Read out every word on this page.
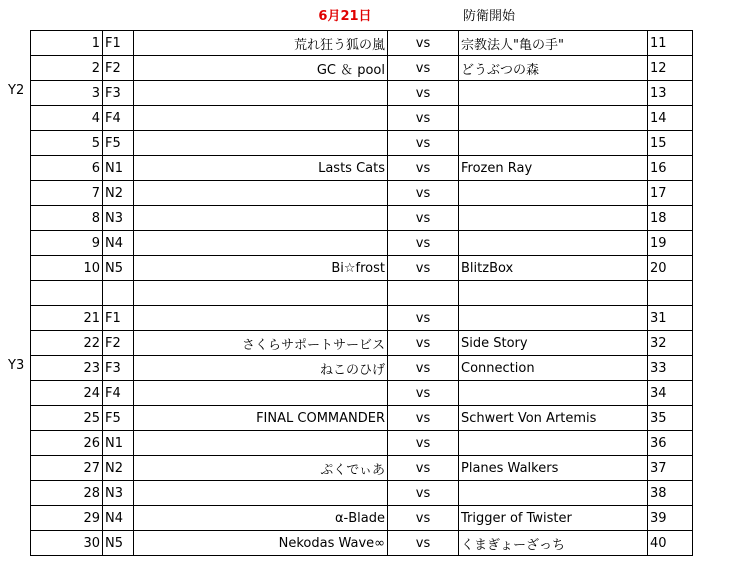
6月21日	防衛開始
Y2
Y3
1	F1	荒れ狂う狐の嵐	vs	宗教法人"亀の手"	11
2	F2	GC ＆ pool	vs	どうぶつの森	12
3	F3		vs		13
4	F4		vs		14
5	F5		vs		15
6	N1	Lasts Cats	vs	Frozen Ray	16
7	N2		vs		17
8	N3		vs		18
9	N4		vs		19
10	N5	Bi☆frost	vs	BlitzBox	20

21	F1		vs		31
22	F2	さくらサポートサービス	vs	Side Story	32
23	F3	ねこのひげ	vs	Connection	33
24	F4		vs		34
25	F5	FINAL COMMANDER	vs	Schwert Von Artemis	35
26	N1		vs		36
27	N2	ぷくでぃあ	vs	Planes Walkers	37
28	N3		vs		38
29	N4	α-Blade	vs	Trigger of Twister	39
30	N5	Nekodas Wave∞	vs	くまぎょーざっち	40
